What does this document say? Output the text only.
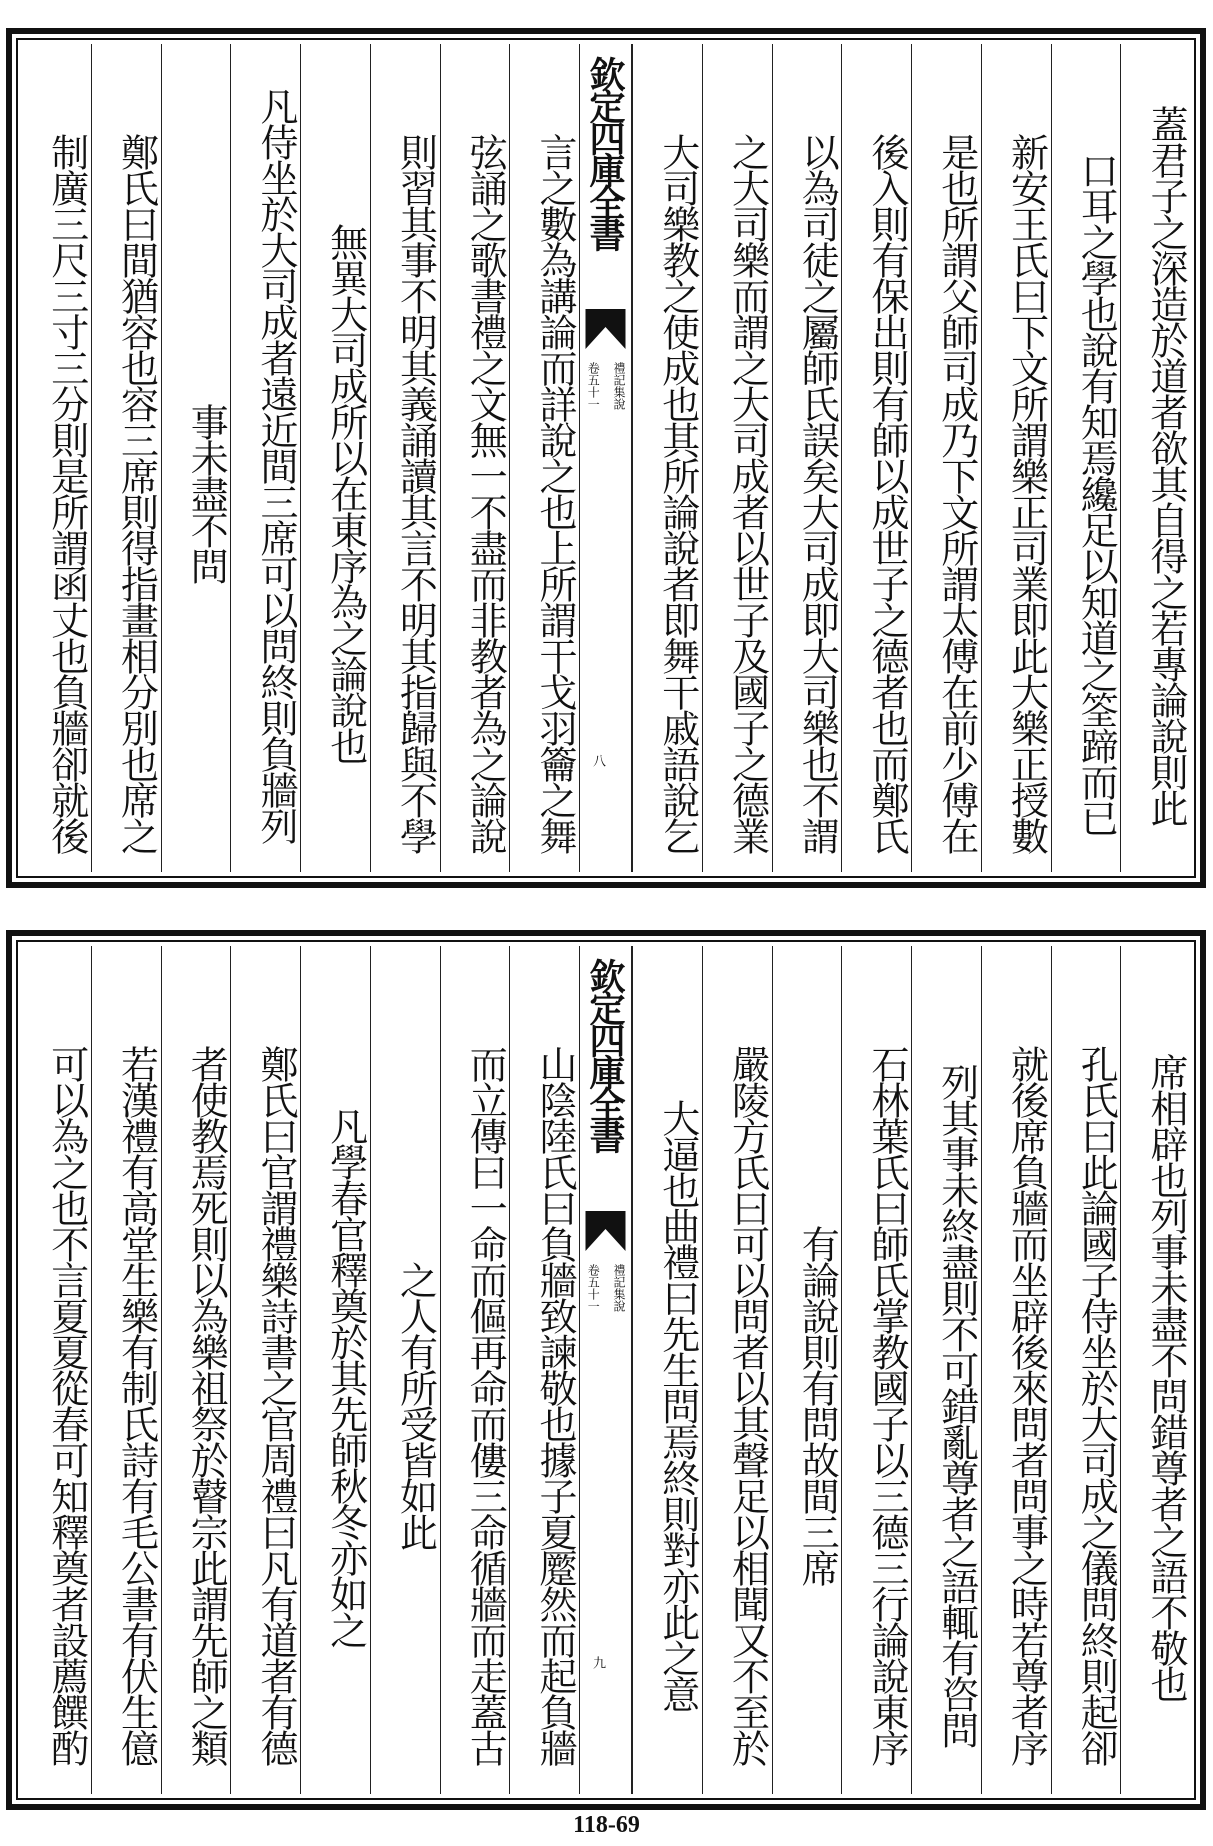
蓋君子之深造於道者欲其自得之若專論說則此
口耳之學也說有知焉纔足以知道之筌蹄而已
新安王氏曰下文所謂樂正司業即此大樂正授數
是也所謂父師司成乃下文所謂太傅在前少傅在
後入則有保出則有師以成世子之德者也而鄭氏
以為司徒之屬師氏誤矣大司成即大司樂也不謂
之大司樂而謂之大司成者以世子及國子之德業
大司樂教之使成也其所論說者即舞干戚語說乞
欽定四庫全書
禮記集說
卷五十一
八
言之數為講論而詳說之也上所謂干戈羽籥之舞
弦誦之歌書禮之文無一不盡而非教者為之論說
則習其事不明其義誦讀其言不明其指歸與不學
無異大司成所以在東序為之論說也
凡侍坐於大司成者遠近間三席可以問終則負牆列
事未盡不問
鄭氏曰間猶容也容三席則得指畫相分別也席之
制廣三尺三寸三分則是所謂函丈也負牆卻就後
席相辟也列事未盡不問錯尊者之語不敬也
孔氏曰此論國子侍坐於大司成之儀問終則起卻
就後席負牆而坐辟後來問者問事之時若尊者序
列其事未終盡則不可錯亂尊者之語輒有咨問
石林葉氏曰師氏掌教國子以三德三行論說東序
有論說則有問故間三席
嚴陵方氏曰可以問者以其聲足以相聞又不至於
大逼也曲禮曰先生問焉終則對亦此之意
欽定四庫全書
禮記集說
卷五十一
九
山陰陸氏曰負牆致諫敬也據子夏蹷然而起負牆
而立傳曰一命而傴再命而僂三命循牆而走蓋古
之人有所受皆如此
凡學春官釋奠於其先師秋冬亦如之
鄭氏曰官謂禮樂詩書之官周禮曰凡有道者有德
者使教焉死則以為樂祖祭於瞽宗此謂先師之類
若漢禮有高堂生樂有制氏詩有毛公書有伏生億
可以為之也不言夏夏從春可知釋奠者設薦饌酌
118-69
